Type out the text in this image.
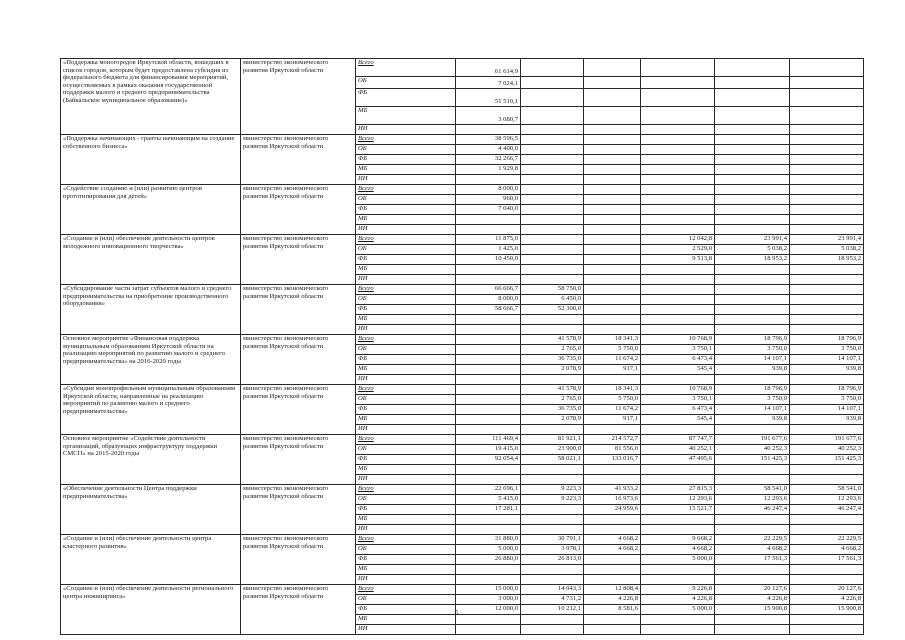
«Поддержка моногородов Иркутской области, вошедших в список городов, которым будет предоставлена субсидия из федерального бюджета для финансирования мероприятий, осуществляемых в рамках оказания государственной поддержки малого и среднего предпринимательства (Байкальское муниципальное образование)»	министерство экономического развития Иркутской области	Всего	61 614,9					
		ОБ	7 024,1					
		ФБ	51 510,1					
		МБ	3 080,7					
		ИИ						
«Поддержка начинающих - гранты начинающим на создание собственного бизнеса»	министерство экономического развития Иркутской области	Всего	38 596,5					
		ОБ	4 400,0					
		ФБ	32 266,7					
		МБ	1 929,8					
		ИИ						
«Содействие созданию и (или) развитию центров прототипирования для детей»	министерство экономического развития Иркутской области	Всего	8 000,0					
		ОБ	960,0					
		ФБ	7 040,0					
		МБ						
		ИИ						
«Создание и (или) обеспечение деятельности центров молодежного инновационного творчества»	министерство экономического развития Иркутской области	Всего	11 875,0			12 042,8	23 991,4	23 991,4
		ОБ	1 425,0			2 529,0	5 038,2	5 038,2
		ФБ	10 450,0			9 513,8	18 953,2	18 953,2
		МБ						
		ИИ						
«Субсидирование части затрат субъектов малого и среднего предпринимательства на приобретение производственного оборудования»	министерство экономического развития Иркутской области	Всего	66 666,7	58 750,0				
		ОБ	8 000,0	6 450,0				
		ФБ	58 666,7	52 300,0				
		МБ						
		ИИ						
Основное мероприятие «Финансовая поддержка муниципальным образованиям Иркутской области на реализацию мероприятий по развитию малого и среднего предпринимательства» на 2016-2020 годы	министерство экономического развития Иркутской области	Всего		41 578,9	18 341,3	10 768,9	18 796,9	18 796,9
		ОБ		2 765,0	5 750,0	3 750,1	3 750,0	3 750,0
		ФБ		36 735,0	11 674,2	6 473,4	14 107,1	14 107,1
		МБ		2 078,9	917,1	545,4	939,8	939,8
		ИИ						
«Субсидии монопрофильным муниципальным образованиям Иркутской области, направленные на реализацию мероприятий по развитию малого и среднего предпринимательства»	министерство экономического развития Иркутской области	Всего		41 578,9	18 341,3	10 768,9	18 796,9	18 796,9
		ОБ		2 765,0	5 750,0	3 750,1	3 750,0	3 750,0
		ФБ		36 735,0	11 674,2	6 473,4	14 107,1	14 107,1
		МБ		2 078,9	917,1	545,4	939,8	939,8
		ИИ						
Основное мероприятие «Содействие деятельности организаций, образующих инфраструктуру поддержки СМСП» на 2015-2020 годы	министерство экономического развития Иркутской области	Всего	111 469,4	81 921,1	214 572,7	87 747,7	191 677,6	191 677,6
		ОБ	19 415,0	23 900,0	81 556,0	40 252,1	40 252,3	40 252,3
		ФБ	92 054,4	58 021,1	133 016,7	47 495,6	151 425,3	151 425,3
		МБ						
		ИИ						
«Обеспечение деятельности Центра поддержки предпринимательства»	министерство экономического развития Иркутской области	Всего	22 696,1	9 223,3	41 933,2	27 815,3	58 541,0	58 541,0
		ОБ	5 415,0	9 223,3	16 973,6	12 293,6	12 293,6	12 293,6
		ФБ	17 281,1		24 959,6	15 521,7	46 247,4	46 247,4
		МБ						
		ИИ						
«Создание и (или) обеспечение деятельности центра кластерного развития»	министерство экономического развития Иркутской области	Всего	31 880,0	30 791,1	4 668,2	9 668,2	22 229,5	22 229,5
		ОБ	5 000,0	3 978,1	4 668,2	4 668,2	4 668,2	4 668,2
		ФБ	26 880,0	26 813,0		5 000,0	17 561,3	17 561,3
		МБ						
		ИИ						
«Создание и (или) обеспечение деятельности регионального центра инжиниринга»	министерство экономического развития Иркутской области	Всего	15 000,0	14 943,3	12 808,4	9 226,8	20 127,6	20 127,6
		ОБ	3 000,0	4 731,2	4 226,8	4 226,8	4 226,8	4 226,8
		ФБ	12 000,0	10 212,1	8 581,6	5 000,0	15 900,8	15 900,8
		МБ						
		ИИ						
5
